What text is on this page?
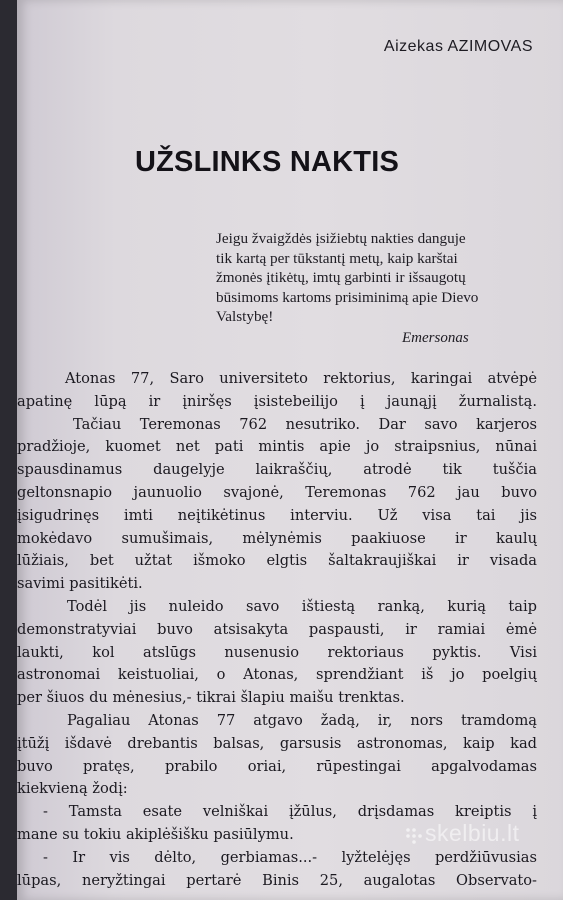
Aizekas AZIMOVAS
UŽSLINKS NAKTIS
Jeigu žvaigždės įsižiebtų nakties danguje
tik kartą per tūkstantį metų, kaip karštai
žmonės įtikėtų, imtų garbinti ir išsaugotų
būsimoms kartoms prisiminimą apie Dievo
Valstybę!
Emersonas
Atonas 77, Saro universiteto rektorius, karingai atvėpė
apatinę lūpą ir įniršęs įsistebeilijo į jaunąjį žurnalistą.
Tačiau Teremonas 762 nesutriko. Dar savo karjeros
pradžioje, kuomet net pati mintis apie jo straipsnius, nūnai
spausdinamus daugelyje laikraščių, atrodė tik tuščia
geltonsnapio jaunuolio svajonė, Teremonas 762 jau buvo
įsigudrinęs imti neįtikėtinus interviu. Už visa tai jis
mokėdavo sumušimais, mėlynėmis paakiuose ir kaulų
lūžiais, bet užtat išmoko elgtis šaltakraujiškai ir visada
savimi pasitikėti.
Todėl jis nuleido savo ištiestą ranką, kurią taip
demonstratyviai buvo atsisakyta paspausti, ir ramiai ėmė
laukti, kol atslūgs nusenusio rektoriaus pyktis. Visi
astronomai keistuoliai, o Atonas, sprendžiant iš jo poelgių
per šiuos du mėnesius,- tikrai šlapiu maišu trenktas.
Pagaliau Atonas 77 atgavo žadą, ir, nors tramdomą
įtūžį išdavė drebantis balsas, garsusis astronomas, kaip kad
buvo pratęs, prabilo oriai, rūpestingai apgalvodamas
kiekvieną žodį:
- Tamsta esate velniškai įžūlus, drįsdamas kreiptis į
mane su tokiu akiplėšišku pasiūlymu.
- Ir vis dėlto, gerbiamas...- lyžtelėjęs perdžiūvusias
lūpas, neryžtingai pertarė Binis 25, augalotas Observato-
skelbiu.lt
